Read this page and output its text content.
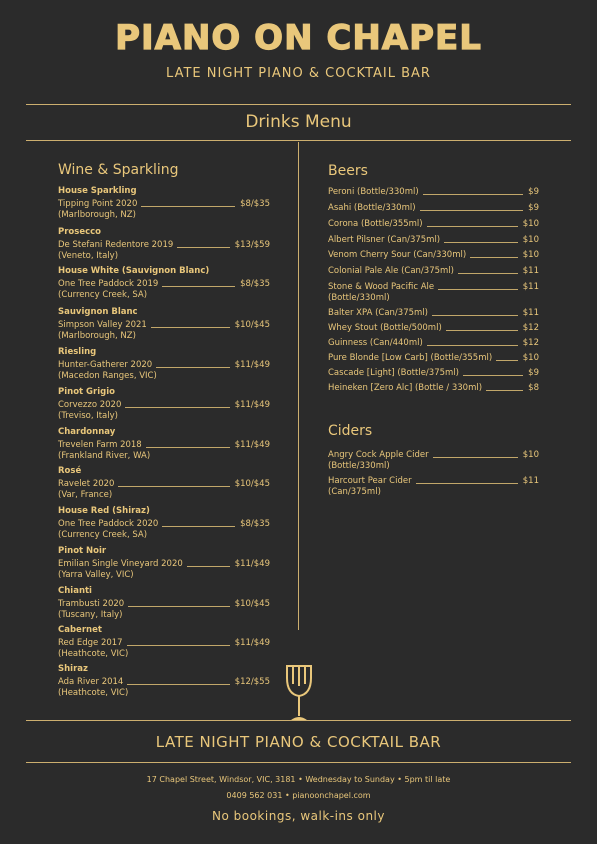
PIANO ON CHAPEL
LATE NIGHT PIANO & COCKTAIL BAR
Drinks Menu
Wine & Sparkling
House Sparkling
Tipping Point 2020	$8/$35
(Marlborough, NZ)
Prosecco
De Stefani Redentore 2019	$13/$59
(Veneto, Italy)
House White (Sauvignon Blanc)
One Tree Paddock 2019	$8/$35
(Currency Creek, SA)
Sauvignon Blanc
Simpson Valley 2021	$10/$45
(Marlborough, NZ)
Riesling
Hunter-Gatherer 2020	$11/$49
(Macedon Ranges, VIC)
Pinot Grigio
Corvezzo 2020	$11/$49
(Treviso, Italy)
Chardonnay
Trevelen Farm 2018	$11/$49
(Frankland River, WA)
Rosé
Ravelet 2020	$10/$45
(Var, France)
House Red (Shiraz)
One Tree Paddock 2020	$8/$35
(Currency Creek, SA)
Pinot Noir
Emilian Single Vineyard 2020	$11/$49
(Yarra Valley, VIC)
Chianti
Trambusti 2020	$10/$45
(Tuscany, Italy)
Cabernet
Red Edge 2017	$11/$49
(Heathcote, VIC)
Shiraz
Ada River 2014	$12/$55
(Heathcote, VIC)
Beers
Peroni (Bottle/330ml)	$9
Asahi (Bottle/330ml)	$9
Corona (Bottle/355ml)	$10
Albert Pilsner (Can/375ml)	$10
Venom Cherry Sour (Can/330ml)	$10
Colonial Pale Ale (Can/375ml)	$11
Stone & Wood Pacific Ale	$11
(Bottle/330ml)
Balter XPA (Can/375ml)	$11
Whey Stout (Bottle/500ml)	$12
Guinness (Can/440ml)	$12
Pure Blonde [Low Carb] (Bottle/355ml)	$10
Cascade [Light] (Bottle/375ml)	$9
Heineken [Zero Alc] (Bottle / 330ml)	$8
Ciders
Angry Cock Apple Cider	$10
(Bottle/330ml)
Harcourt Pear Cider	$11
(Can/375ml)
LATE NIGHT PIANO & COCKTAIL BAR
17 Chapel Street, Windsor, VIC, 3181 • Wednesday to Sunday • 5pm til late
0409 562 031 • pianoonchapel.com
No bookings, walk-ins only
